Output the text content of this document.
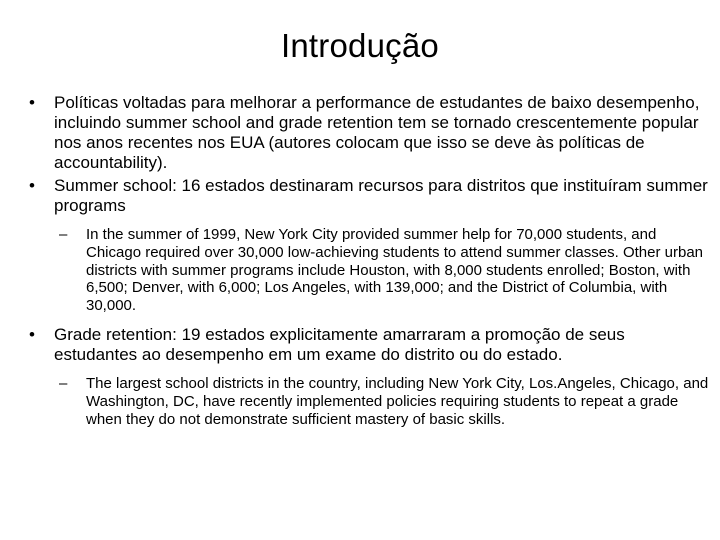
Introdução

• Políticas voltadas para melhorar a performance de estudantes de baixo desempenho, incluindo summer school and grade retention tem se tornado crescentemente popular nos anos recentes nos EUA (autores colocam que isso se deve às políticas de accountability).

• Summer school: 16 estados destinaram recursos para distritos que instituíram summer programs

– In the summer of 1999, New York City provided summer help for 70,000 students, and Chicago required over 30,000 low-achieving students to attend summer classes. Other urban districts with summer programs include Houston, with 8,000 students enrolled; Boston, with 6,500; Denver, with 6,000; Los Angeles, with 139,000; and the District of Columbia, with 30,000.

• Grade retention: 19 estados explicitamente amarraram a promoção de seus estudantes ao desempenho em um exame do distrito ou do estado.

– The largest school districts in the country, including New York City, Los.Angeles, Chicago, and Washington, DC, have recently implemented policies requiring students to repeat a grade when they do not demonstrate sufficient mastery of basic skills.
